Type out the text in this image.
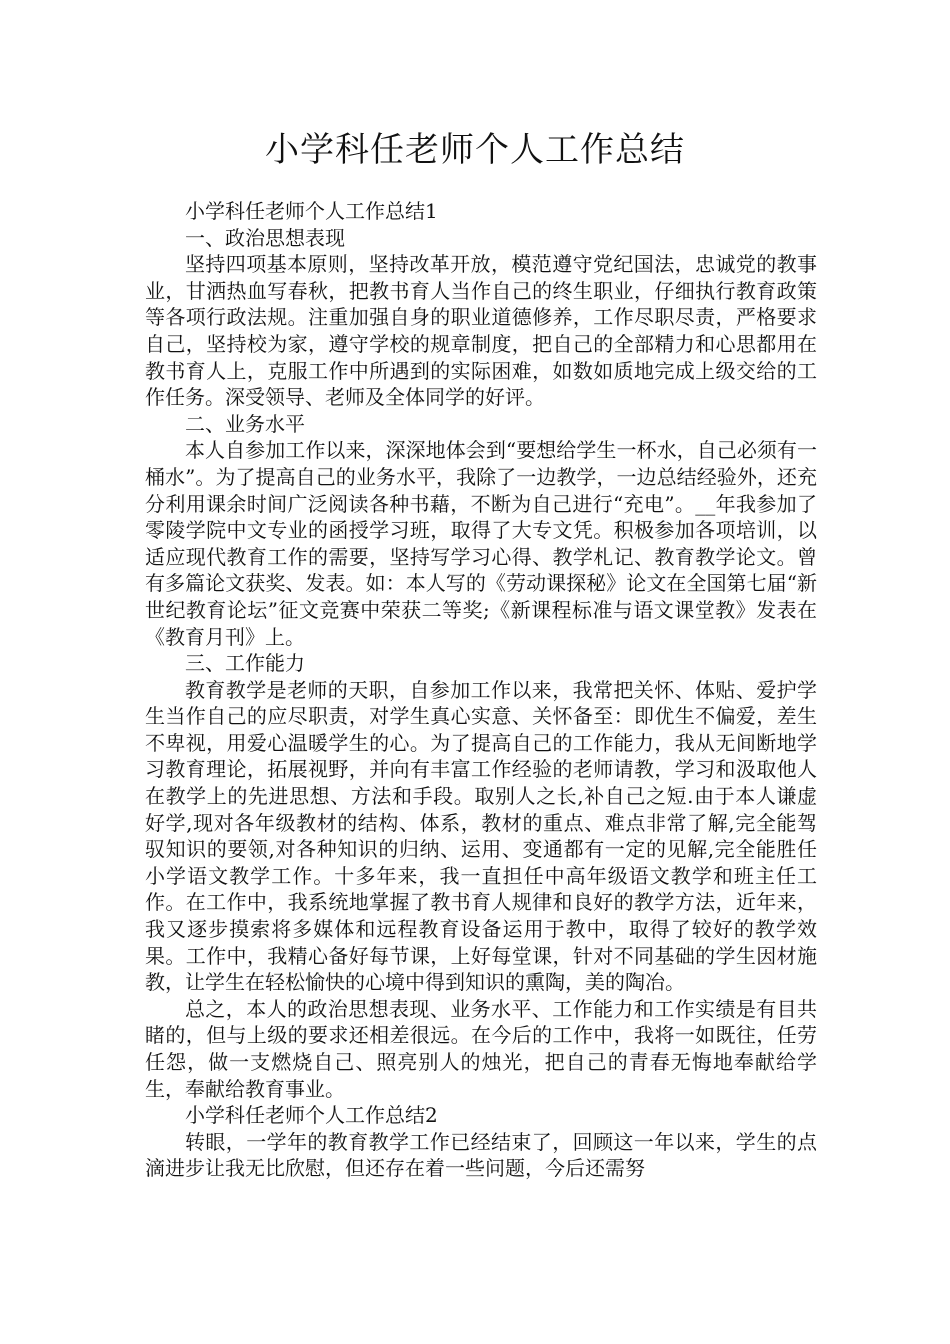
小学科任老师个人工作总结

小学科任老师个人工作总结1

一、政治思想表现

坚持四项基本原则，坚持改革开放，模范遵守党纪国法，忠诚党的教事业，甘洒热血写春秋，把教书育人当作自己的终生职业，仔细执行教育政策等各项行政法规。注重加强自身的职业道德修养，工作尽职尽责，严格要求自己，坚持校为家，遵守学校的规章制度，把自己的全部精力和心思都用在教书育人上，克服工作中所遇到的实际困难，如数如质地完成上级交给的工作任务。深受领导、老师及全体同学的好评。

二、业务水平

本人自参加工作以来，深深地体会到“要想给学生一杯水，自己必须有一桶水”。为了提高自己的业务水平，我除了一边教学，一边总结经验外，还充分利用课余时间广泛阅读各种书藉，不断为自己进行“充电”。__年我参加了零陵学院中文专业的函授学习班，取得了大专文凭。积极参加各项培训，以适应现代教育工作的需要，坚持写学习心得、教学札记、教育教学论文。曾有多篇论文获奖、发表。如：本人写的《劳动课探秘》论文在全国第七届“新世纪教育论坛”征文竞赛中荣获二等奖;《新课程标准与语文课堂教》发表在《教育月刊》上。

三、工作能力

教育教学是老师的天职，自参加工作以来，我常把关怀、体贴、爱护学生当作自己的应尽职责，对学生真心实意、关怀备至：即优生不偏爱，差生不卑视，用爱心温暖学生的心。为了提高自己的工作能力，我从无间断地学习教育理论，拓展视野，并向有丰富工作经验的老师请教，学习和汲取他人在教学上的先进思想、方法和手段。取别人之长,补自己之短.由于本人谦虚好学,现对各年级教材的结构、体系，教材的重点、难点非常了解,完全能驾驭知识的要领,对各种知识的归纳、运用、变通都有一定的见解,完全能胜任小学语文教学工作。十多年来，我一直担任中高年级语文教学和班主任工作。在工作中，我系统地掌握了教书育人规律和良好的教学方法，近年来，我又逐步摸索将多媒体和远程教育设备运用于教中，取得了较好的教学效果。工作中，我精心备好每节课，上好每堂课，针对不同基础的学生因材施教，让学生在轻松愉快的心境中得到知识的熏陶，美的陶冶。

总之，本人的政治思想表现、业务水平、工作能力和工作实绩是有目共睹的，但与上级的要求还相差很远。在今后的工作中，我将一如既往，任劳任怨，做一支燃烧自己、照亮别人的烛光，把自己的青春无悔地奉献给学生，奉献给教育事业。

小学科任老师个人工作总结2

转眼，一学年的教育教学工作已经结束了，回顾这一年以来，学生的点滴进步让我无比欣慰，但还存在着一些问题，今后还需努
